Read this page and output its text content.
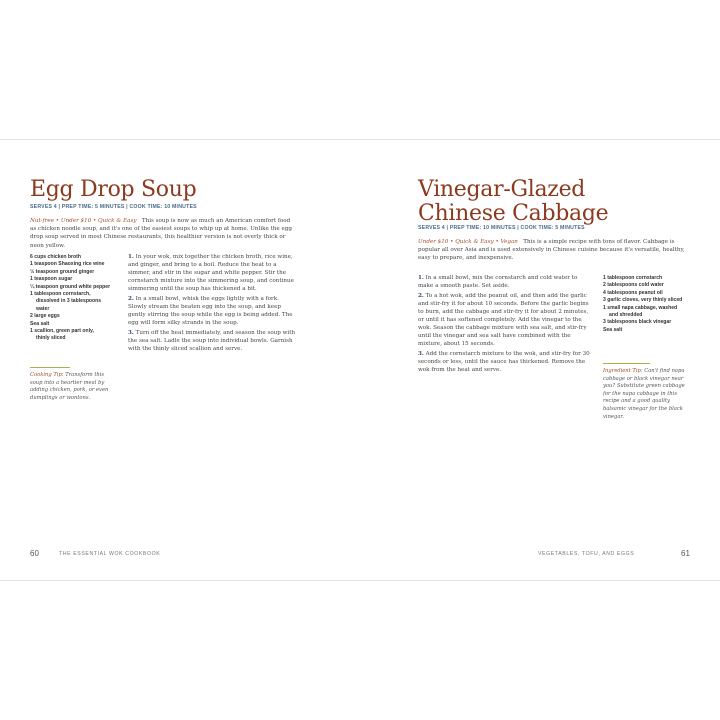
Egg Drop Soup
SERVES 4 | PREP TIME: 5 MINUTES | COOK TIME: 10 MINUTES

Nut-free • Under $10 • Quick & Easy This soup is now as much an American comfort food as chicken noodle soup, and it's one of the easiest soups to whip up at home. Unlike the egg drop soup served in most Chinese restaurants, this healthier version is not overly thick or neon yellow.

6 cups chicken broth
1 teaspoon Shaoxing rice wine
½ teaspoon ground ginger
1 teaspoon sugar
¼ teaspoon ground white pepper
1 tablespoon cornstarch,
dissolved in 3 tablespoons
water
2 large eggs
Sea salt
1 scallion, green part only,
thinly sliced
1. In your wok, mix together the chicken broth, rice wine, and ginger, and bring to a boil. Reduce the heat to a simmer, and stir in the sugar and white pepper. Stir the cornstarch mixture into the simmering soup, and continue simmering until the soup has thickened a bit.
2. In a small bowl, whisk the eggs lightly with a fork. Slowly stream the beaten egg into the soup, and keep gently stirring the soup while the egg is being added. The egg will form silky strands in the soup.
3. Turn off the heat immediately, and season the soup with the sea salt. Ladle the soup into individual bowls. Garnish with the thinly sliced scallion and serve.

Cooking Tip: Transform this soup into a heartier meal by adding chicken, pork, or even dumplings or wontons.

60	THE ESSENTIAL WOK COOKBOOK
Vinegar-Glazed
Chinese Cabbage
SERVES 4 | PREP TIME: 10 MINUTES | COOK TIME: 5 MINUTES

Under $10 • Quick & Easy • Vegan This is a simple recipe with tons of flavor. Cabbage is popular all over Asia and is used extensively in Chinese cuisine because it's versatile, healthy, easy to prepare, and inexpensive.

1. In a small bowl, mix the cornstarch and cold water to make a smooth paste. Set aside.
2. To a hot wok, add the peanut oil, and then add the garlic and stir-fry it for about 10 seconds. Before the garlic begins to burn, add the cabbage and stir-fry it for about 2 minutes, or until it has softened completely. Add the vinegar to the wok. Season the cabbage mixture with sea salt, and stir-fry until the vinegar and sea salt have combined with the mixture, about 15 seconds.
3. Add the cornstarch mixture to the wok, and stir-fry for 30 seconds or less, until the sauce has thickened. Remove the wok from the heat and serve.
1 tablespoon cornstarch
2 tablespoons cold water
4 tablespoons peanut oil
3 garlic cloves, very thinly sliced
1 small napa cabbage, washed
and shredded
3 tablespoons black vinegar
Sea salt

Ingredient Tip: Can't find napa cabbage or black vinegar near you? Substitute green cabbage for the napa cabbage in this recipe and a good quality balsamic vinegar for the black vinegar.

VEGETABLES, TOFU, AND EGGS	61
